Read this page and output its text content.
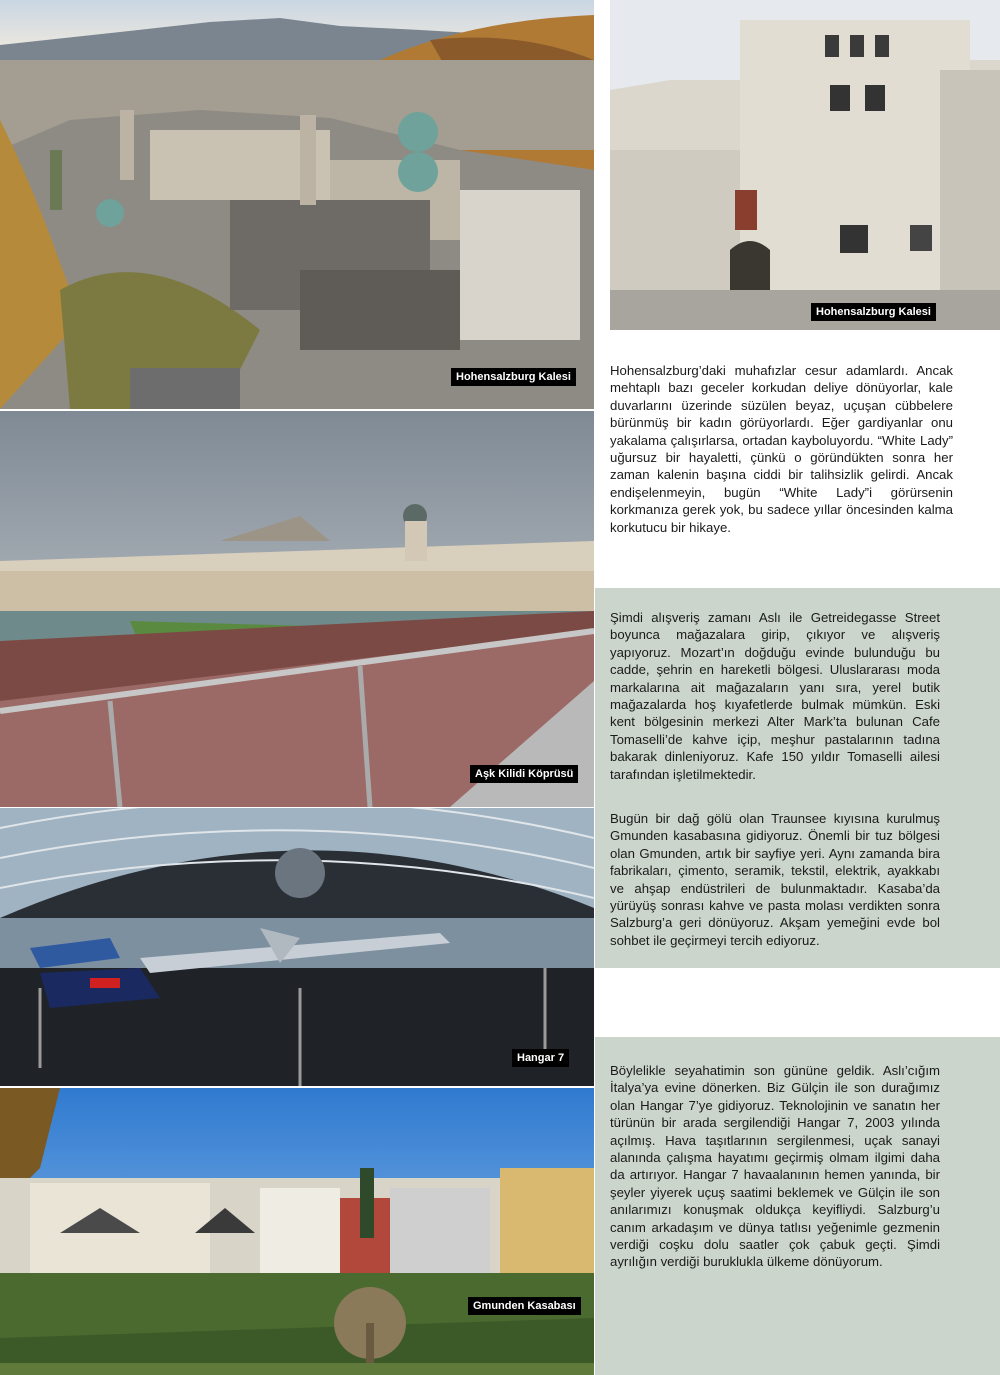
Hohensalzburg Kalesi
Hohensalzburg Kalesi
Aşk Kilidi Köprüsü
Hangar 7
Gmunden Kasabası

Hohensalzburg’daki muhafızlar cesur adamlardı. Ancak mehtaplı bazı geceler korkudan deliye dönüyorlar, kale duvarlarını üzerinde süzülen beyaz, uçuşan cübbelere bürünmüş bir kadın görüyorlardı. Eğer gardiyanlar onu yakalama çalışırlarsa, ortadan kayboluyordu. “White Lady” uğursuz bir hayaletti, çünkü o göründükten sonra her zaman kalenin başına ciddi bir talihsizlik gelirdi. Ancak endişelenmeyin, bugün “White Lady”i görürsenin korkmanıza gerek yok, bu sadece yıllar öncesinden kalma korkutucu bir hikaye.

Şimdi alışveriş zamanı Aslı ile Getreidegasse Street boyunca mağazalara girip, çıkıyor ve alışveriş yapıyoruz. Mozart’ın doğduğu evinde bulunduğu bu cadde, şehrin en hareketli bölgesi. Uluslararası moda markalarına ait mağazaların yanı sıra, yerel butik mağazalarda hoş kıyafetlerde bulmak mümkün. Eski kent bölgesinin merkezi Alter Mark’ta bulunan Cafe Tomaselli’de kahve içip, meşhur pastalarının tadına bakarak dinleniyoruz. Kafe 150 yıldır Tomaselli ailesi tarafından işletilmektedir.

Bugün bir dağ gölü olan Traunsee kıyısına kurulmuş Gmunden kasabasına gidiyoruz. Önemli bir tuz bölgesi olan Gmunden, artık bir sayfiye yeri. Aynı zamanda bira fabrikaları, çimento, seramik, tekstil, elektrik, ayakkabı ve ahşap endüstrileri de bulunmaktadır. Kasaba’da yürüyüş sonrası kahve ve pasta molası verdikten sonra Salzburg’a geri dönüyoruz. Akşam yemeğini evde bol sohbet ile geçirmeyi tercih ediyoruz.

Böylelikle seyahatimin son gününe geldik. Aslı’cığım İtalya’ya evine dönerken. Biz Gülçin ile son durağımız olan Hangar 7’ye gidiyoruz. Teknolojinin ve sanatın her türünün bir arada sergilendiği Hangar 7, 2003 yılında açılmış. Hava taşıtlarının sergilenmesi, uçak sanayi alanında çalışma hayatımı geçirmiş olmam ilgimi daha da artırıyor. Hangar 7 havaalanının hemen yanında, bir şeyler yiyerek uçuş saatimi beklemek ve Gülçin ile son anılarımızı konuşmak oldukça keyifliydi. Salzburg’u canım arkadaşım ve dünya tatlısı yeğenimle gezmenin verdiği coşku dolu saatler çok çabuk geçti. Şimdi ayrılığın verdiği buruklukla ülkeme dönüyorum.
